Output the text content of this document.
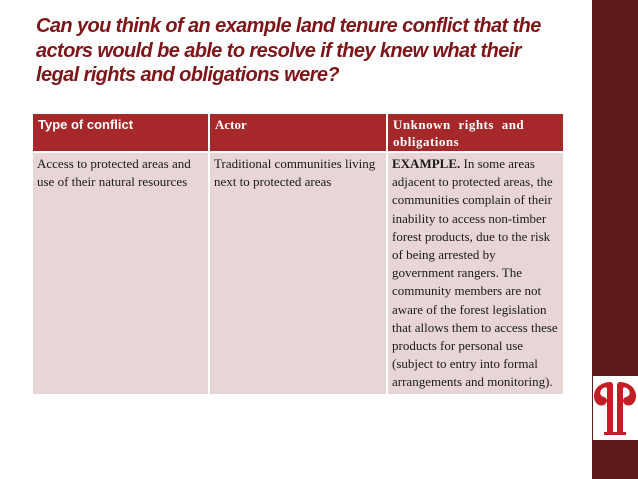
Can you think of an example land tenure conflict that the actors would be able to resolve if they knew what their legal rights and obligations were?
Type of conflict	Actor	Unknown rights and obligations
Access to protected areas and use of their natural resources	Traditional communities living next to protected areas	EXAMPLE. In some areas adjacent to protected areas, the communities complain of their inability to access non-timber forest products, due to the risk of being arrested by government rangers. The community members are not aware of the forest legislation that allows them to access these products for personal use (subject to entry into formal arrangements and monitoring).
